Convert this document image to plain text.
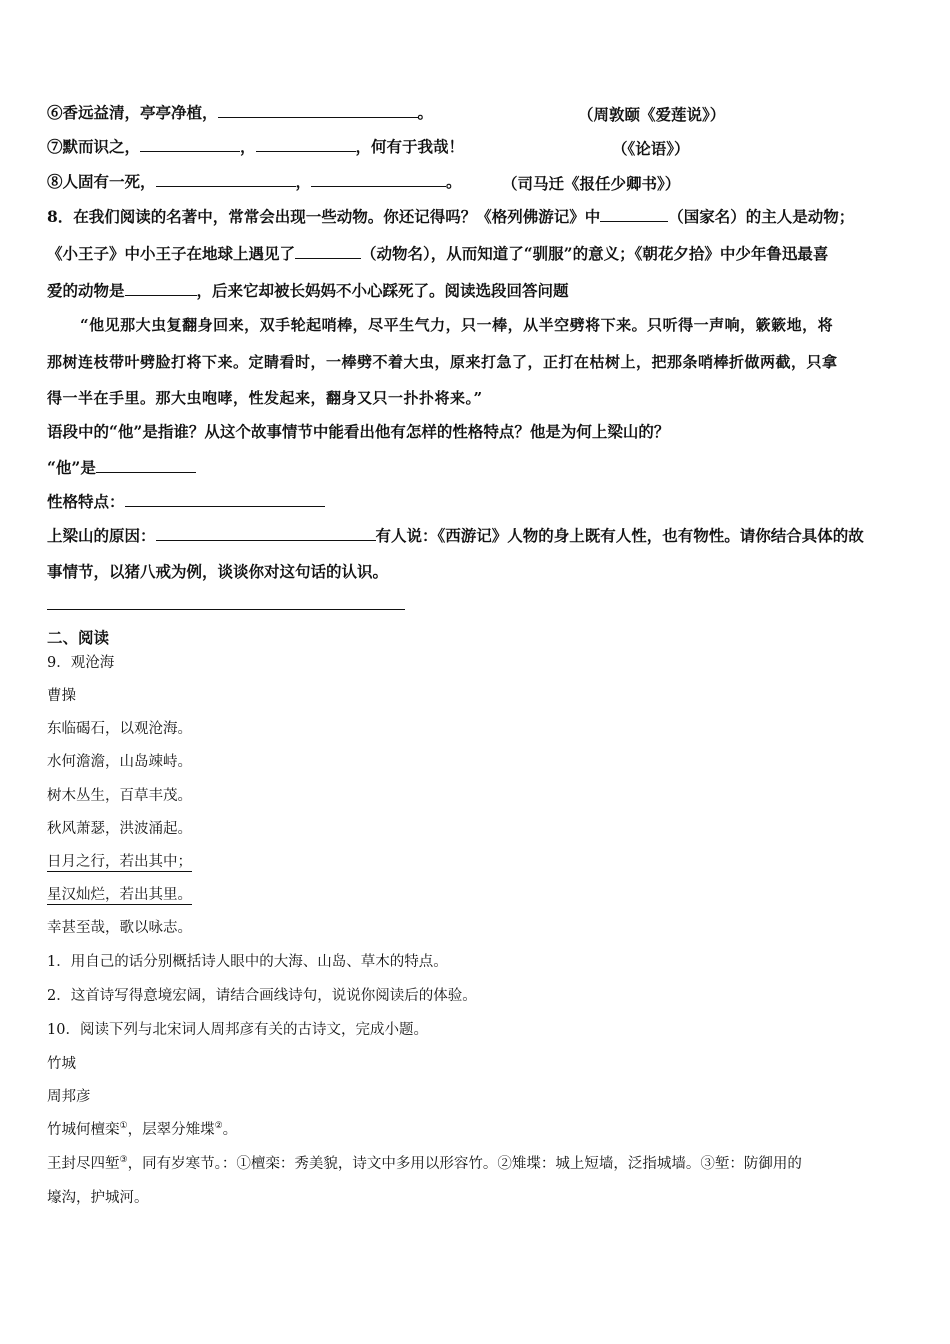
⑥香远益清，亭亭净植，	。	（周敦颐《爱莲说》）
⑦默而识之，	，	，何有于我哉！	（《论语》）
⑧人固有一死，	，	。	（司马迁《报任少卿书》）
8．在我们阅读的名著中，常常会出现一些动物。你还记得吗？《格列佛游记》中	（国家名）的主人是动物；
《小王子》中小王子在地球上遇见了	（动物名），从而知道了“驯服”的意义；《朝花夕拾》中少年鲁迅最喜
爱的动物是	，后来它却被长妈妈不小心踩死了。阅读选段回答问题
“他见那大虫复翻身回来，双手轮起哨棒，尽平生气力，只一棒，从半空劈将下来。只听得一声响，簌簌地，将
那树连枝带叶劈脸打将下来。定睛看时，一棒劈不着大虫，原来打急了，正打在枯树上，把那条哨棒折做两截，只拿
得一半在手里。那大虫咆哮，性发起来，翻身又只一扑扑将来。”
语段中的“他”是指谁？从这个故事情节中能看出他有怎样的性格特点？他是为何上梁山的？
“他”是
性格特点：
上梁山的原因：	有人说：《西游记》人物的身上既有人性，也有物性。请你结合具体的故
事情节，以猪八戒为例，谈谈你对这句话的认识。
二、阅读
9．观沧海
曹操
东临碣石，以观沧海。
水何澹澹，山岛竦峙。
树木丛生，百草丰茂。
秋风萧瑟，洪波涌起。
日月之行，若出其中；
星汉灿烂，若出其里。
幸甚至哉，歌以咏志。
1．用自己的话分别概括诗人眼中的大海、山岛、草木的特点。
2．这首诗写得意境宏阔，请结合画线诗句，说说你阅读后的体验。
10．阅读下列与北宋词人周邦彦有关的古诗文，完成小题。
竹城
周邦彦
竹城何檀栾①，层翠分雉堞②。
王封尽四堑③，同有岁寒节。：①檀栾：秀美貌，诗文中多用以形容竹。②雉堞：城上短墙，泛指城墙。③堑：防御用的
壕沟，护城河。
